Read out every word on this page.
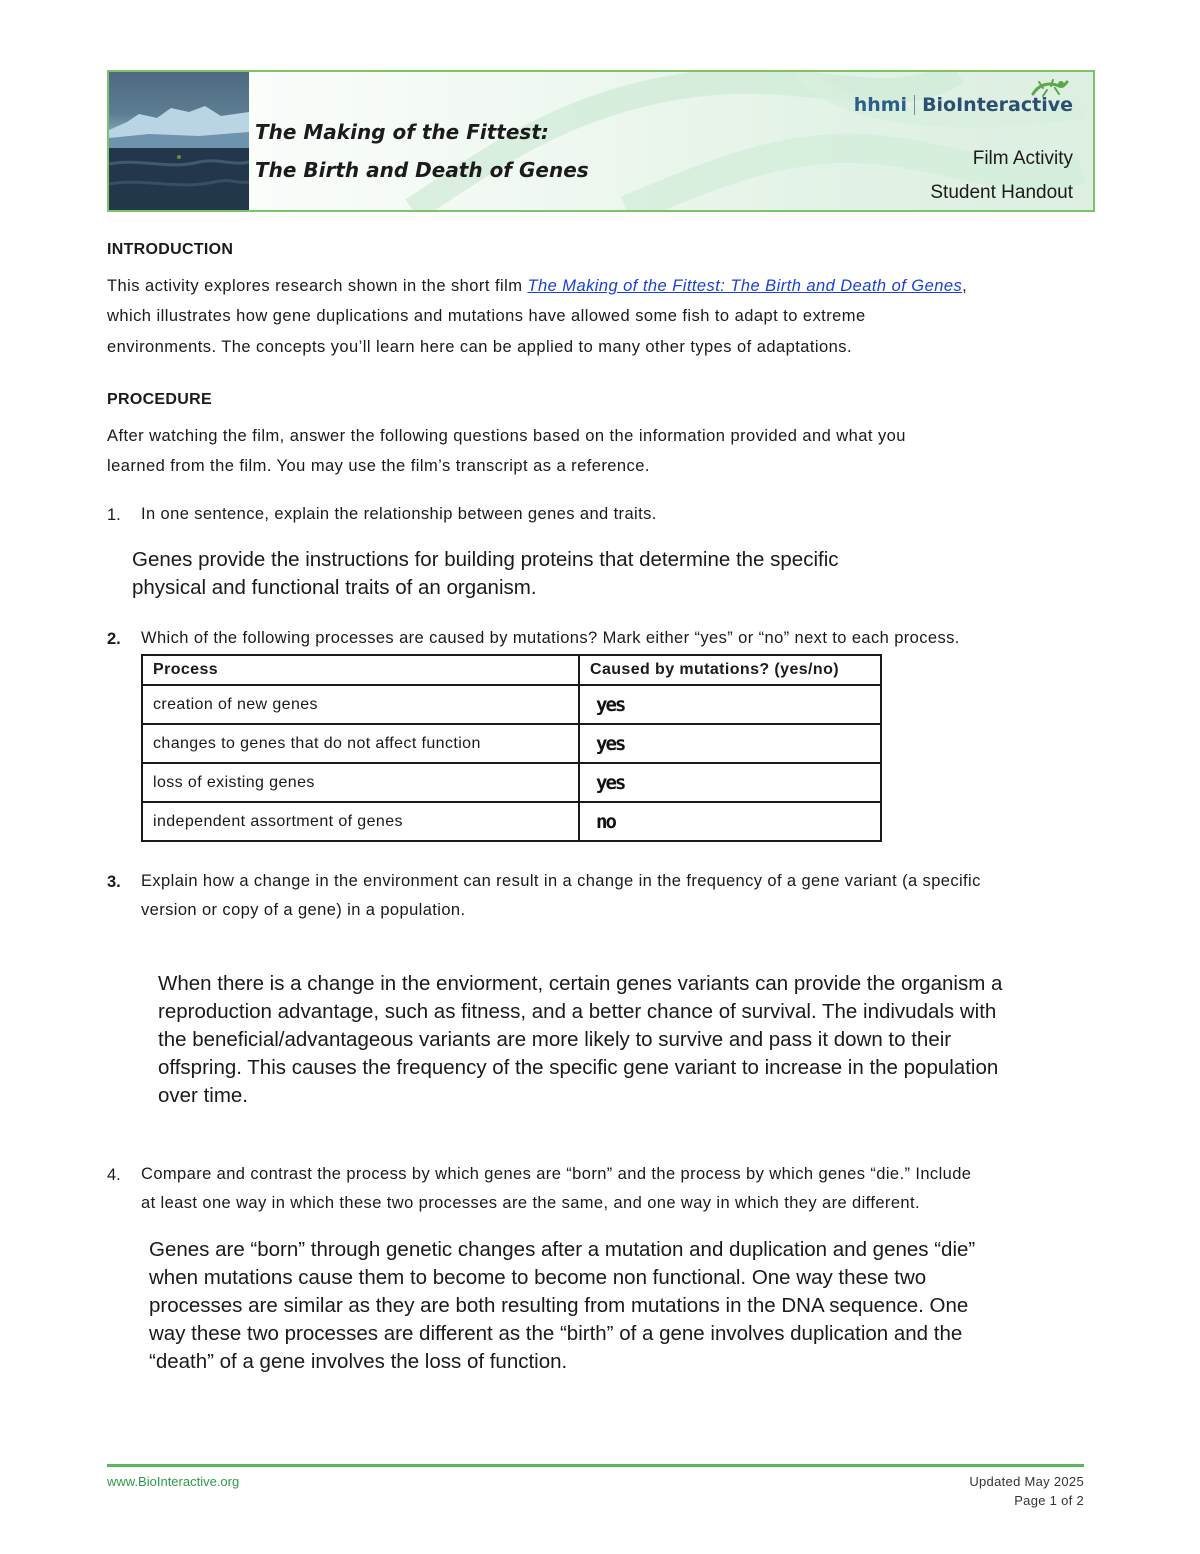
The Making of the Fittest:
The Birth and Death of Genes
hhmi BioInteractive
Film Activity
Student Handout
INTRODUCTION
This activity explores research shown in the short film The Making of the Fittest: The Birth and Death of Genes,
which illustrates how gene duplications and mutations have allowed some fish to adapt to extreme
environments. The concepts you’ll learn here can be applied to many other types of adaptations.
PROCEDURE
After watching the film, answer the following questions based on the information provided and what you
learned from the film. You may use the film’s transcript as a reference.
1. In one sentence, explain the relationship between genes and traits.
Genes provide the instructions for building proteins that determine the specific
physical and functional traits of an organism.
2. Which of the following processes are caused by mutations? Mark either “yes” or “no” next to each process.
Process	Caused by mutations? (yes/no)
creation of new genes	yes
changes to genes that do not affect function	yes
loss of existing genes	yes
independent assortment of genes	no
3. Explain how a change in the environment can result in a change in the frequency of a gene variant (a specific
version or copy of a gene) in a population.
When there is a change in the enviorment, certain genes variants can provide the organism a
reproduction advantage, such as fitness, and a better chance of survival. The indivudals with
the beneficial/advantageous variants are more likely to survive and pass it down to their
offspring. This causes the frequency of the specific gene variant to increase in the population
over time.
4. Compare and contrast the process by which genes are “born” and the process by which genes “die.” Include
at least one way in which these two processes are the same, and one way in which they are different.
Genes are “born” through genetic changes after a mutation and duplication and genes “die”
when mutations cause them to become to become non functional. One way these two
processes are similar as they are both resulting from mutations in the DNA sequence. One
way these two processes are different as the “birth” of a gene involves duplication and the
“death” of a gene involves the loss of function.
www.BioInteractive.org	Updated May 2025
Page 1 of 2
